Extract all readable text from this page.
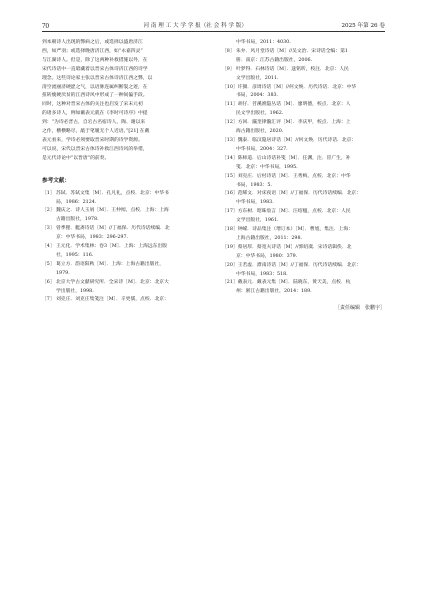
70	河 南 理 工 大 学 学 报（社 会 科 学 版）	2025 年第 26 卷
到本朝诗人出现的弊病之后，或选择以盛唐济江
西，如严羽；或选择晚唐济江西，如“永嘉四灵”
与江湖诗人。但是，除了这两种补救措施以外，在
宋代诗话中一直暗藏着以晋宋古体诗济江西的诗学
理念。这些诗论家主张以晋宋古体诗济江西之弊，以
清空流丽济硬涩之气，以语脉连属纠断裂之迹，在
扭转瘦硬厌贫的江西诗风中形成了一种间偏手段。
同时，这种对晋宋古体的关注也启发了宋末元初
的诸多诗人，例如戴表元就在《李时可诗序》中提
到：“为诗必晋古，自宕古名宿诗人，陶、谢以来
之作，横横略尽，敲于笔履无个人近语。”[21] 在戴
表元看来，学诗必须要取晋宋时期的诗学资源。
可以说，宋代以晋宋古体诗补救江西诗风的举措，
是元代诗论中“以晋唐”的前奏。
参考文献：
［1］ 苏轼．苏轼文集［M］．孔凡礼，点校．北京：中华书
局，1986：2124.
［2］ 魏庆之．诗人玉屑［M］．王仲闻，点校．上海：上海
古籍出版社，1978.
［3］ 曾季狸．艇斋诗话［M］//丁福保．历代诗话续编．北
京：中华书局，1983：296-297.
［4］ 王元化．学术集林：卷3［M］．上海：上海远东出版
社，1995：116.
［5］ 葛立方．韵语阳秋［M］．上海：上海古籍出版社，
1979.
［6］ 北京大学古文献研究所．全宋诗［M］．北京：北京大
学出版社，1998.
［7］ 刘克庄．刘克庄集笺注［M］．辛更儒，点校．北京：
中华书局，2011：4030.
［8］ 朱弁．风月堂诗话［M］//吴文治．宋诗话全编：第1
册．南京：江苏古籍出版社，2006.
［9］ 叶梦得．石林诗话［M］．逯铭昕，校注．北京：人民
文学出版社，2011.
［10］ 许顗．彦周诗话［M］//何文焕．历代诗话．北京：中华
书局，2004：383.
［11］ 胡仔．苕溪渔隐丛话［M］．廖明德，校点．北京：人
民文学出版社，1962.
［12］ 方回．瀛奎律髓汇评［M］．李庆甲，校点．上海：上
海古籍出版社，2020.
［13］ 魏泰．临汉隐居诗话［M］//何文焕．历代诗话．北京：
中华书局，2004：327.
［14］ 陈师道．后山诗话补笺［M］．任渊，注．冒广生，补
笺．北京：中华书局，1995.
［15］ 刘克庄．后村诗话［M］．王秀梅，点校．北京：中华
书局，1983：5.
［16］ 范晞文．对床夜语［M］//丁福保．历代诗话续编．北京：
中华书局，1983.
［17］ 方东树．昭昧詹言［M］．汪绍楹，点校．北京：人民
文学出版社，1961.
［18］ 钟嵘．诗品集注（增订本）［M］．曹旭，集注．上海：
上海古籍出版社，2011：298.
［19］ 蔡居厚．蔡宽夫诗话［M］//郭绍虞．宋诗话辑佚．北
京：中华书局，1980：379.
［20］ 王若虚．滹南诗话［M］//丁福保．历代诗话续编．北京：
中华书局，1983：518.
［21］ 戴表元．戴表元集［M］．陆晓东，黄天美，点校．杭
州：浙江古籍出版社，2014：189.
［责任编辑　张鹏宇］
